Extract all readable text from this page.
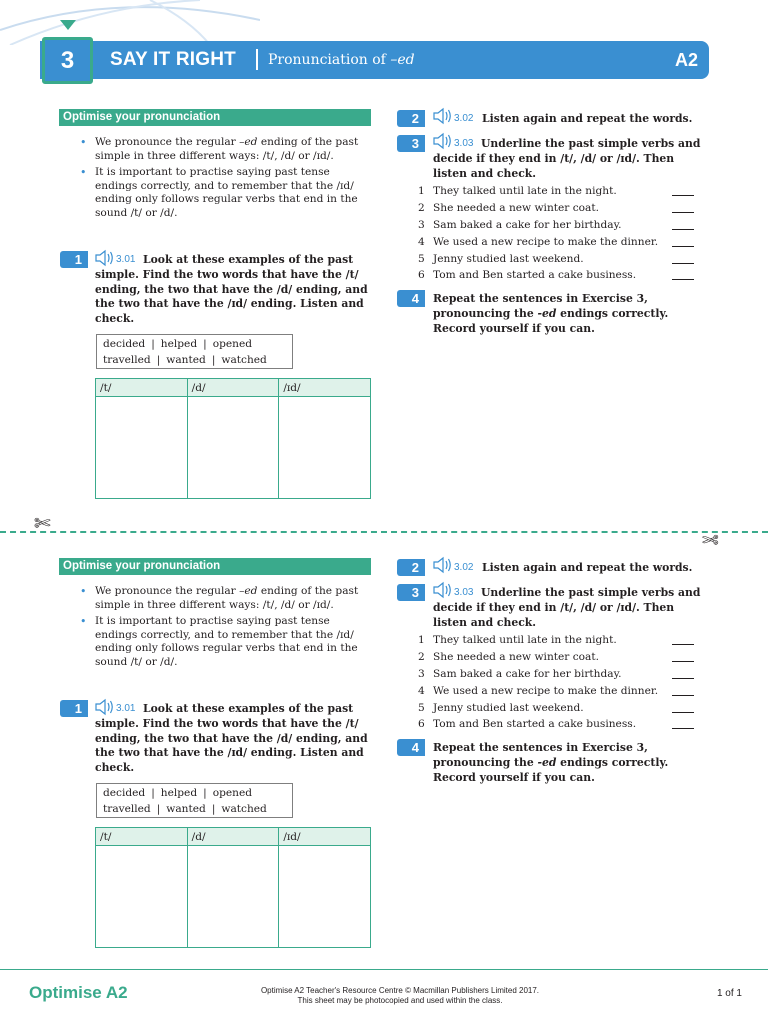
3	SAY IT RIGHT Pronunciation of –ed	A2
Optimise your pronunciation
• We pronounce the regular –ed ending of the past simple in three different ways: /t/, /d/ or /ɪd/.
• It is important to practise saying past tense endings correctly, and to remember that the /ɪd/ ending only follows regular verbs that end in the sound /t/ or /d/.
1	3.01 Look at these examples of the past simple. Find the two words that have the /t/ ending, the two that have the /d/ ending, and the two that have the /ɪd/ ending. Listen and check.
decided | helped | opened
travelled | wanted | watched
/t/	/d/	/ɪd/

2	3.02 Listen again and repeat the words.
3	3.03 Underline the past simple verbs and decide if they end in /t/, /d/ or /ɪd/. Then listen and check.
1 They talked until late in the night.
2 She needed a new winter coat.
3 Sam baked a cake for her birthday.
4 We used a new recipe to make the dinner.
5 Jenny studied last weekend.
6 Tom and Ben started a cake business.
4	Repeat the sentences in Exercise 3, pronouncing the -ed endings correctly. Record yourself if you can.
Optimise your pronunciation
• We pronounce the regular –ed ending of the past simple in three different ways: /t/, /d/ or /ɪd/.
• It is important to practise saying past tense endings correctly, and to remember that the /ɪd/ ending only follows regular verbs that end in the sound /t/ or /d/.
1	3.01 Look at these examples of the past simple. Find the two words that have the /t/ ending, the two that have the /d/ ending, and the two that have the /ɪd/ ending. Listen and check.
decided | helped | opened
travelled | wanted | watched
/t/	/d/	/ɪd/

2	3.02 Listen again and repeat the words.
3	3.03 Underline the past simple verbs and decide if they end in /t/, /d/ or /ɪd/. Then listen and check.
1 They talked until late in the night.
2 She needed a new winter coat.
3 Sam baked a cake for her birthday.
4 We used a new recipe to make the dinner.
5 Jenny studied last weekend.
6 Tom and Ben started a cake business.
4	Repeat the sentences in Exercise 3, pronouncing the -ed endings correctly. Record yourself if you can.
✄
✄
Optimise A2	Optimise A2 Teacher's Resource Centre © Macmillan Publishers Limited 2017.
This sheet may be photocopied and used within the class.
1 of 1
